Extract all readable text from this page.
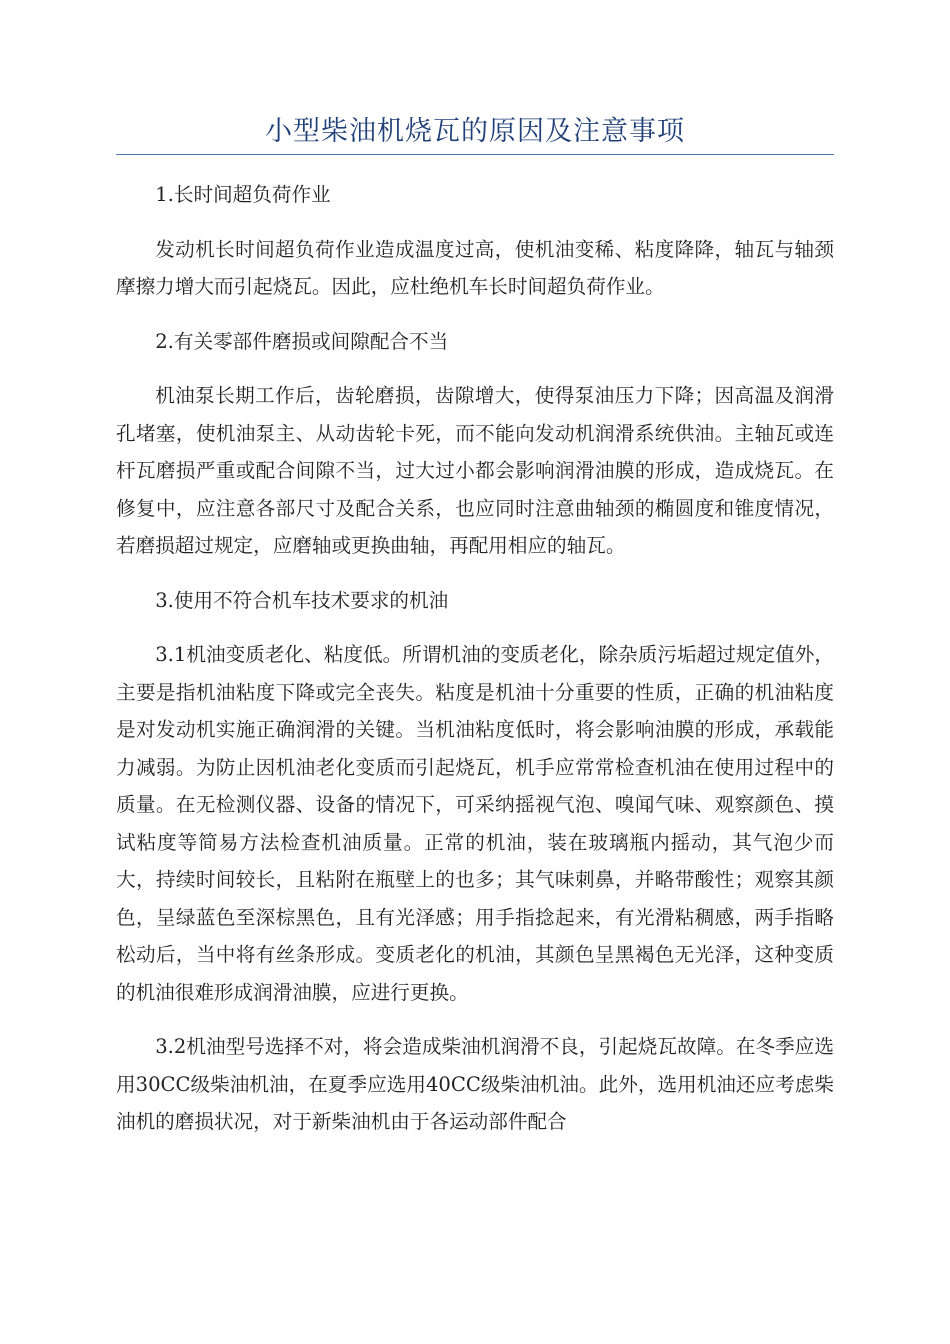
小型柴油机烧瓦的原因及注意事项

1.长时间超负荷作业

发动机长时间超负荷作业造成温度过高，使机油变稀、粘度降降，轴瓦与轴颈摩擦力增大而引起烧瓦。因此，应杜绝机车长时间超负荷作业。

2.有关零部件磨损或间隙配合不当

机油泵长期工作后，齿轮磨损，齿隙增大，使得泵油压力下降；因高温及润滑孔堵塞，使机油泵主、从动齿轮卡死，而不能向发动机润滑系统供油。主轴瓦或连杆瓦磨损严重或配合间隙不当，过大过小都会影响润滑油膜的形成，造成烧瓦。在修复中，应注意各部尺寸及配合关系，也应同时注意曲轴颈的椭圆度和锥度情况，若磨损超过规定，应磨轴或更换曲轴，再配用相应的轴瓦。

3.使用不符合机车技术要求的机油

3.1机油变质老化、粘度低。所谓机油的变质老化，除杂质污垢超过规定值外，主要是指机油粘度下降或完全丧失。粘度是机油十分重要的性质，正确的机油粘度是对发动机实施正确润滑的关键。当机油粘度低时，将会影响油膜的形成，承载能力减弱。为防止因机油老化变质而引起烧瓦，机手应常常检查机油在使用过程中的质量。在无检测仪器、设备的情况下，可采纳摇视气泡、嗅闻气味、观察颜色、摸试粘度等简易方法检查机油质量。正常的机油，装在玻璃瓶内摇动，其气泡少而大，持续时间较长，且粘附在瓶壁上的也多；其气味刺鼻，并略带酸性；观察其颜色，呈绿蓝色至深棕黑色，且有光泽感；用手指捻起来，有光滑粘稠感，两手指略松动后，当中将有丝条形成。变质老化的机油，其颜色呈黑褐色无光泽，这种变质的机油很难形成润滑油膜，应进行更换。

3.2机油型号选择不对，将会造成柴油机润滑不良，引起烧瓦故障。在冬季应选用30CC级柴油机油，在夏季应选用40CC级柴油机油。此外，选用机油还应考虑柴油机的磨损状况，对于新柴油机由于各运动部件配合
